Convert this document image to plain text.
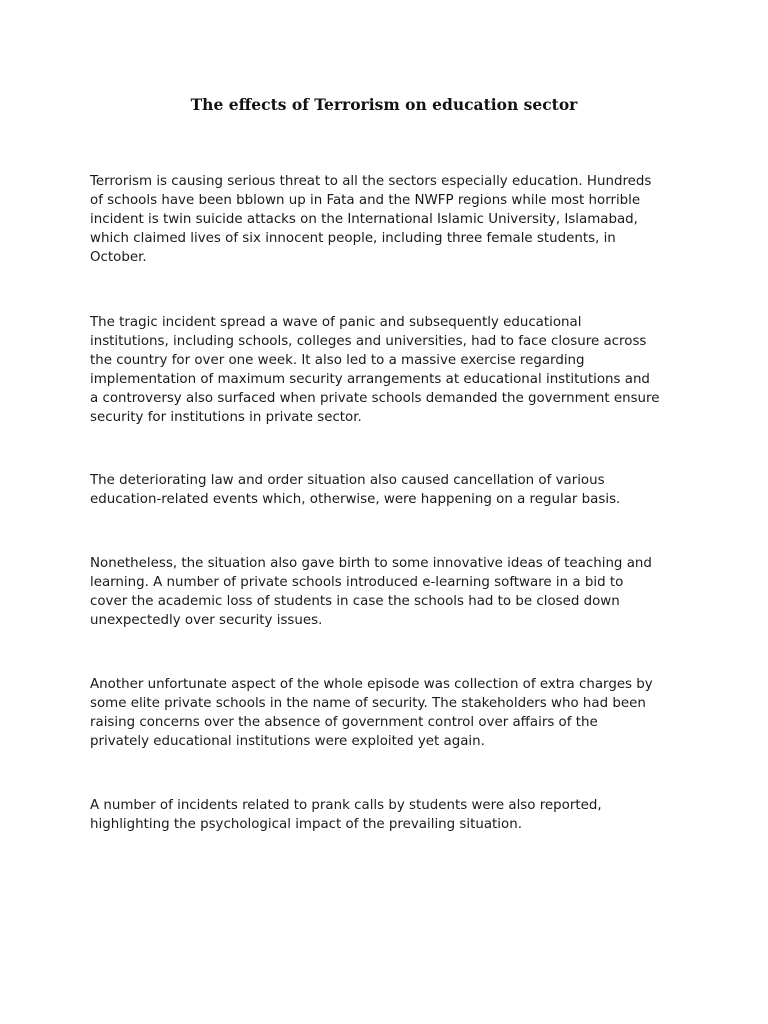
The effects of Terrorism on education sector

Terrorism is causing serious threat to all the sectors especially education. Hundreds
of schools have been bblown up in Fata and the NWFP regions while most horrible
incident is twin suicide attacks on the International Islamic University, Islamabad,
which claimed lives of six innocent people, including three female students, in
October.

The tragic incident spread a wave of panic and subsequently educational
institutions, including schools, colleges and universities, had to face closure across
the country for over one week. It also led to a massive exercise regarding
implementation of maximum security arrangements at educational institutions and
a controversy also surfaced when private schools demanded the government ensure
security for institutions in private sector.

The deteriorating law and order situation also caused cancellation of various
education-related events which, otherwise, were happening on a regular basis.

Nonetheless, the situation also gave birth to some innovative ideas of teaching and
learning. A number of private schools introduced e-learning software in a bid to
cover the academic loss of students in case the schools had to be closed down
unexpectedly over security issues.

Another unfortunate aspect of the whole episode was collection of extra charges by
some elite private schools in the name of security. The stakeholders who had been
raising concerns over the absence of government control over affairs of the
privately educational institutions were exploited yet again.

A number of incidents related to prank calls by students were also reported,
highlighting the psychological impact of the prevailing situation.
